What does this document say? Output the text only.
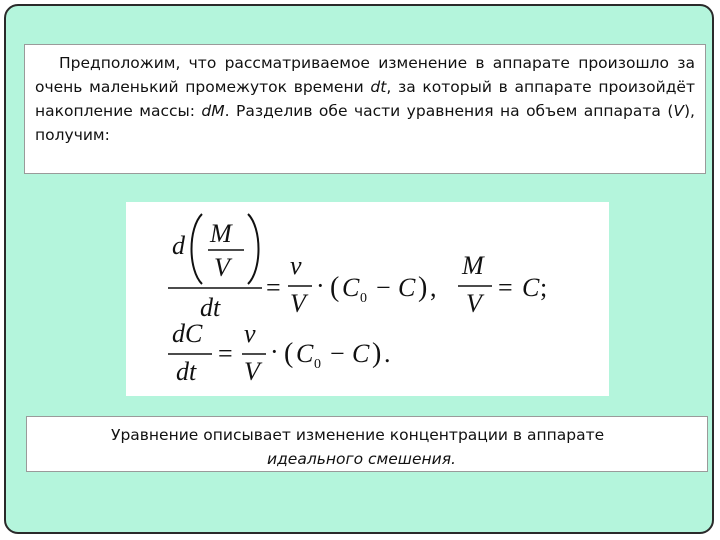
Предположим, что рассматриваемое изменение в аппарате произошло за очень маленький промежуток времени dt, за который в аппарате произойдёт накопление массы: dM. Разделив обе части уравнения на объем аппарата (V), получим:

d M
V
dt
=
ν
V
· ( C 0 − C ) ,
M
V
= C ;
dC
dt
=
ν
V
· ( C 0 − C ) .
Уравнение описывает изменение концентрации в аппарате
идеального смешения.
